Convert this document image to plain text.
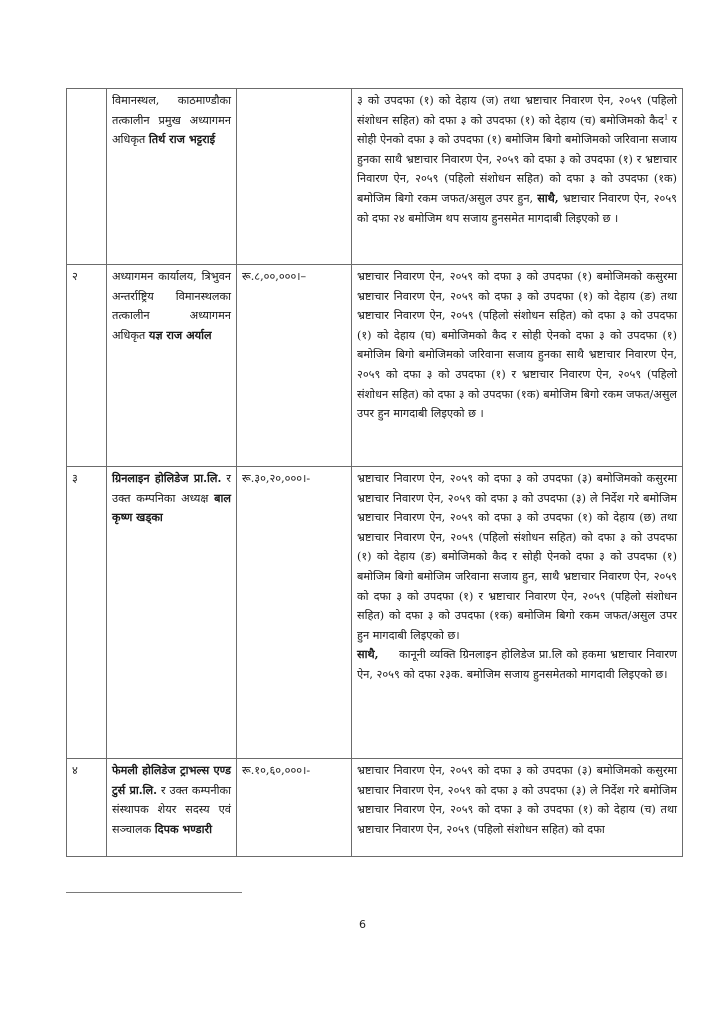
	विमानस्थल, काठमाण्डौका तत्कालीन प्रमुख अध्यागमन अधिकृत तिर्थ राज भट्टराई		३ को उपदफा (१) को देहाय (ज) तथा भ्रष्टाचार निवारण ऐन, २०५९ (पहिलो संशोधन सहित) को दफा ३ को उपदफा (१) को देहाय (च) बमोजिमको कैद$^1$ र सोही ऐनको दफा ३ को उपदफा (१) बमोजिम बिगो बमोजिमको जरिवाना सजाय हुनका साथै भ्रष्टाचार निवारण ऐन, २०५९ को दफा ३ को उपदफा (१) र भ्रष्टाचार निवारण ऐन, २०५९ (पहिलो संशोधन सहित) को दफा ३ को उपदफा (१क) बमोजिम बिगो रकम जफत/असुल उपर हुन, साथै, भ्रष्टाचार निवारण ऐन, २०५९ को दफा २४ बमोजिम थप सजाय हुनसमेत मागदाबी लिइएको छ ।
२	अध्यागमन कार्यालय, त्रिभुवन अन्तर्राष्ट्रिय विमानस्थलका तत्कालीन अध्यागमन अधिकृत यज्ञ राज अर्याल	रू.८,००,०००।–	भ्रष्टाचार निवारण ऐन, २०५९ को दफा ३ को उपदफा (१) बमोजिमको कसुरमा भ्रष्टाचार निवारण ऐन, २०५९ को दफा ३ को उपदफा (१) को देहाय (ङ) तथा भ्रष्टाचार निवारण ऐन, २०५९ (पहिलो संशोधन सहित) को दफा ३ को उपदफा (१) को देहाय (घ) बमोजिमको कैद र सोही ऐनको दफा ३ को उपदफा (१) बमोजिम बिगो बमोजिमको जरिवाना सजाय हुनका साथै भ्रष्टाचार निवारण ऐन, २०५९ को दफा ३ को उपदफा (१) र भ्रष्टाचार निवारण ऐन, २०५९ (पहिलो संशोधन सहित) को दफा ३ को उपदफा (१क) बमोजिम बिगो रकम जफत/असुल उपर हुन मागदाबी लिइएको छ ।
३	ग्रिनलाइन होलिडेज प्रा.लि. र उक्त कम्पनिका अध्यक्ष बाल कृष्ण खड्का	रू.३०,२०,०००।-	भ्रष्टाचार निवारण ऐन, २०५९ को दफा ३ को उपदफा (३) बमोजिमको कसुरमा भ्रष्टाचार निवारण ऐन, २०५९ को दफा ३ को उपदफा (३) ले निर्देश गरे बमोजिम भ्रष्टाचार निवारण ऐन, २०५९ को दफा ३ को उपदफा (१) को देहाय (छ) तथा भ्रष्टाचार निवारण ऐन, २०५९ (पहिलो संशोधन सहित) को दफा ३ को उपदफा (१) को देहाय (ङ) बमोजिमको कैद र सोही ऐनको दफा ३ को उपदफा (१) बमोजिम बिगो बमोजिम जरिवाना सजाय हुन, साथै भ्रष्टाचार निवारण ऐन, २०५९ को दफा ३ को उपदफा (१) र भ्रष्टाचार निवारण ऐन, २०५९ (पहिलो संशोधन सहित) को दफा ३ को उपदफा (१क) बमोजिम बिगो रकम जफत/असुल उपर हुन मागदाबी लिइएको छ।

साथै,     कानूनी व्यक्ति ग्रिनलाइन होलिडेज प्रा.लि को हकमा भ्रष्टाचार निवारण ऐन, २०५९ को दफा २३क. बमोजिम सजाय हुनसमेतको मागदावी लिइएको छ।

४	फेमली होलिडेज ट्राभल्स एण्ड टुर्स प्रा.लि. र उक्त कम्पनीका संस्थापक शेयर सदस्य एवं सञ्चालक दिपक भण्डारी	रू.१०,६०,०००।-	भ्रष्टाचार निवारण ऐन, २०५९ को दफा ३ को उपदफा (३) बमोजिमको कसुरमा भ्रष्टाचार निवारण ऐन, २०५९ को दफा ३ को उपदफा (३) ले निर्देश गरे बमोजिम भ्रष्टाचार निवारण ऐन, २०५९ को दफा ३ को उपदफा (१) को देहाय (च) तथा भ्रष्टाचार निवारण ऐन, २०५९ (पहिलो संशोधन सहित) को दफा
6
